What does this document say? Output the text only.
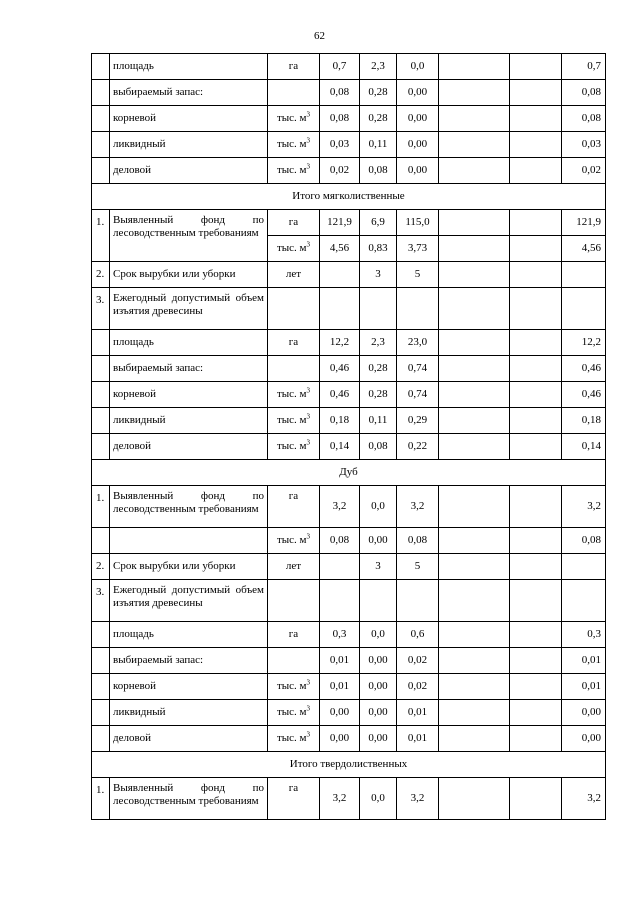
62
	площадь	га	0,7	2,3	0,0			0,7
	выбираемый запас:		0,08	0,28	0,00			0,08
	корневой	тыс. $м^3$	0,08	0,28	0,00			0,08
	ликвидный	тыс. $м^3$	0,03	0,11	0,00			0,03
	деловой	тыс. $м^3$	0,02	0,08	0,00			0,02
Итого мягколиственные								
1.	Выявленный фонд по лесоводственным требованиям	га	121,9	6,9	115,0			121,9
		тыс. $м^3$	4,56	0,83	3,73			4,56
2.	Срок вырубки или уборки	лет		3	5			
3.	Ежегодный допустимый объем изъятия древесины							
	площадь	га	12,2	2,3	23,0			12,2
	выбираемый запас:		0,46	0,28	0,74			0,46
	корневой	тыс. $м^3$	0,46	0,28	0,74			0,46
	ликвидный	тыс. $м^3$	0,18	0,11	0,29			0,18
	деловой	тыс. $м^3$	0,14	0,08	0,22			0,14
Дуб								
1.	Выявленный фонд по лесоводственным требованиям	га	3,2	0,0	3,2			3,2
		тыс. $м^3$	0,08	0,00	0,08			0,08
2.	Срок вырубки или уборки	лет		3	5			
3.	Ежегодный допустимый объем изъятия древесины							
	площадь	га	0,3	0,0	0,6			0,3
	выбираемый запас:		0,01	0,00	0,02			0,01
	корневой	тыс. $м^3$	0,01	0,00	0,02			0,01
	ликвидный	тыс. $м^3$	0,00	0,00	0,01			0,00
	деловой	тыс. $м^3$	0,00	0,00	0,01			0,00
Итого твердолиственных								
1.	Выявленный фонд по лесоводственным требованиям	га	3,2	0,0	3,2			3,2
